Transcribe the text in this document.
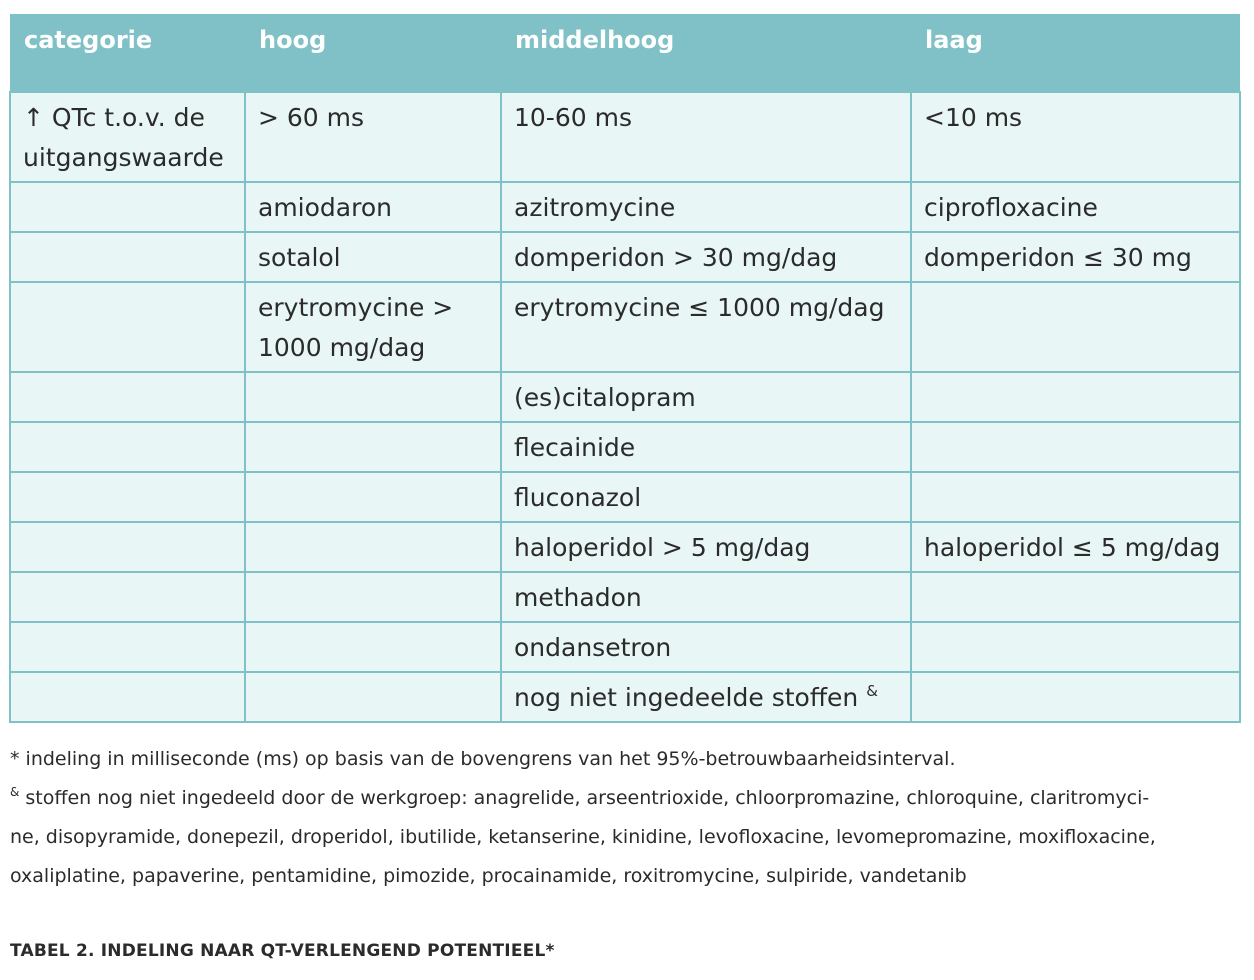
categorie	hoog	middelhoog	laag
↑ QTc t.o.v. de uitgangswaarde	> 60 ms	10-60 ms	<10 ms
	amiodaron	azitromycine	ciprofloxacine
	sotalol	domperidon > 30 mg/dag	domperidon ≤ 30 mg
	erytromycine > 1000 mg/dag	erytromycine ≤ 1000 mg/dag	
		(es)citalopram	
		flecainide	
		fluconazol	
		haloperidol > 5 mg/dag	haloperidol ≤ 5 mg/dag
		methadon	
		ondansetron	
		nog niet ingedeelde stoffen &	

* indeling in milliseconde (ms) op basis van de bovengrens van het 95%-betrouwbaarheidsinterval.

& stoffen nog niet ingedeeld door de werkgroep: anagrelide, arseentrioxide, chloorpromazine, chloroquine, claritromyci-

ne, disopyramide, donepezil, droperidol, ibutilide, ketanserine, kinidine, levofloxacine, levomepromazine, moxifloxacine,

oxaliplatine, papaverine, pentamidine, pimozide, procainamide, roxitromycine, sulpiride, vandetanib

TABEL 2. INDELING NAAR QT-VERLENGEND POTENTIEEL*
